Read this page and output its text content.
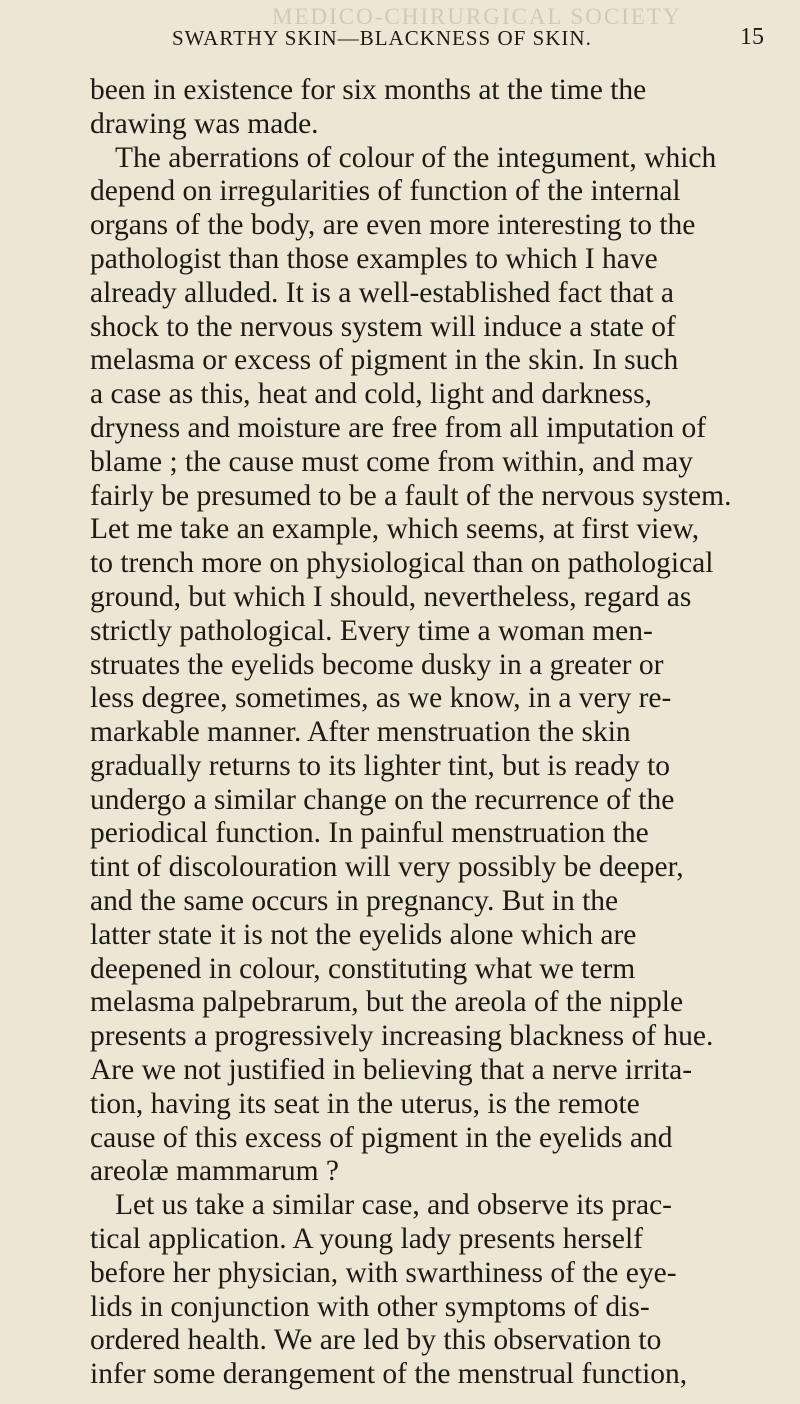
MEDICO-CHIRURGICAL SOCIETY
SWARTHY SKIN—BLACKNESS OF SKIN.	15
been in existence for six months at the time the
drawing was made.
The aberrations of colour of the integument, which
depend on irregularities of function of the internal
organs of the body, are even more interesting to the
pathologist than those examples to which I have
already alluded. It is a well-established fact that a
shock to the nervous system will induce a state of
melasma or excess of pigment in the skin. In such
a case as this, heat and cold, light and darkness,
dryness and moisture are free from all imputation of
blame ; the cause must come from within, and may
fairly be presumed to be a fault of the nervous system.
Let me take an example, which seems, at first view,
to trench more on physiological than on pathological
ground, but which I should, nevertheless, regard as
strictly pathological. Every time a woman men-
struates the eyelids become dusky in a greater or
less degree, sometimes, as we know, in a very re-
markable manner. After menstruation the skin
gradually returns to its lighter tint, but is ready to
undergo a similar change on the recurrence of the
periodical function. In painful menstruation the
tint of discolouration will very possibly be deeper,
and the same occurs in pregnancy. But in the
latter state it is not the eyelids alone which are
deepened in colour, constituting what we term
melasma palpebrarum, but the areola of the nipple
presents a progressively increasing blackness of hue.
Are we not justified in believing that a nerve irrita-
tion, having its seat in the uterus, is the remote
cause of this excess of pigment in the eyelids and
areolæ mammarum ?
Let us take a similar case, and observe its prac-
tical application. A young lady presents herself
before her physician, with swarthiness of the eye-
lids in conjunction with other symptoms of dis-
ordered health. We are led by this observation to
infer some derangement of the menstrual function,
